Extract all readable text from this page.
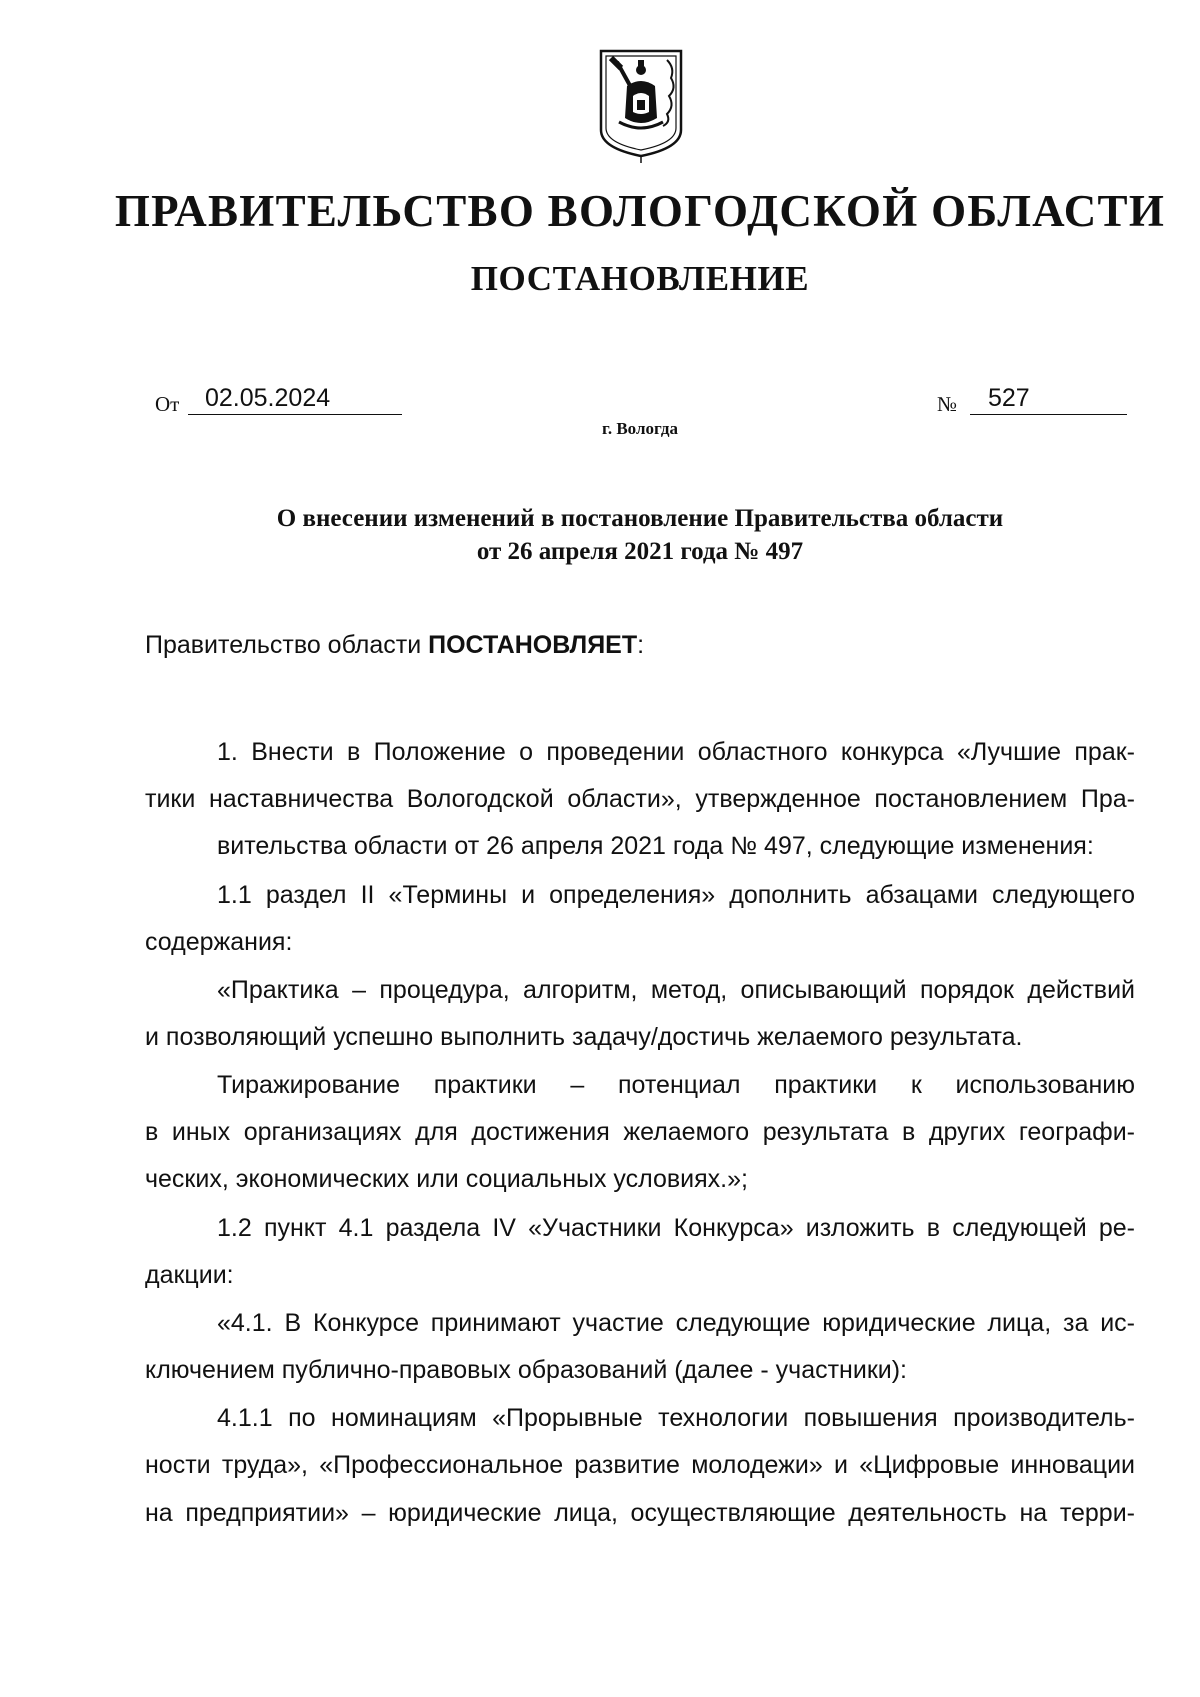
ПРАВИТЕЛЬСТВО ВОЛОГОДСКОЙ ОБЛАСТИ
ПОСТАНОВЛЕНИЕ
От	02.05.2024	№	527
г. Вологда
О внесении изменений в постановление Правительства области
от 26 апреля 2021 года № 497
Правительство области ПОСТАНОВЛЯЕТ:
1. Внести в Положение о проведении областного конкурса «Лучшие прак-
тики наставничества Вологодской области», утвержденное постановлением Пра-
вительства области от 26 апреля 2021 года № 497, следующие изменения:
1.1 раздел II «Термины и определения» дополнить абзацами следующего
содержания:
«Практика – процедура, алгоритм, метод, описывающий порядок действий
и позволяющий успешно выполнить задачу/достичь желаемого результата.
Тиражирование практики – потенциал практики к использованию
в иных организациях для достижения желаемого результата в других географи-
ческих, экономических или социальных условиях.»;
1.2 пункт 4.1 раздела IV «Участники Конкурса» изложить в следующей ре-
дакции:
«4.1. В Конкурсе принимают участие следующие юридические лица, за ис-
ключением публично-правовых образований (далее - участники):
4.1.1 по номинациям «Прорывные технологии повышения производитель-
ности труда», «Профессиональное развитие молодежи» и «Цифровые инновации
на предприятии» – юридические лица, осуществляющие деятельность на терри-
